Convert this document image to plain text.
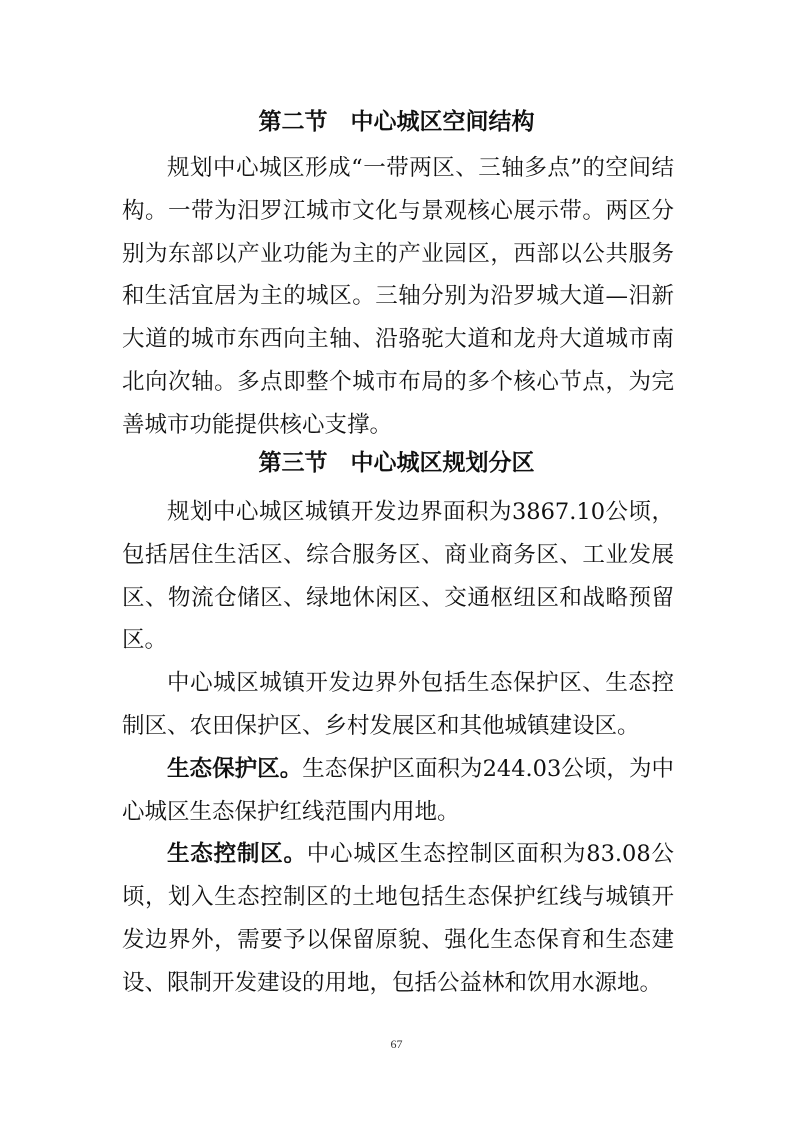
第二节　中心城区空间结构

规划中心城区形成“一带两区、三轴多点”的空间结构。一带为汨罗江城市文化与景观核心展示带。两区分别为东部以产业功能为主的产业园区，西部以公共服务和生活宜居为主的城区。三轴分别为沿罗城大道—汨新大道的城市东西向主轴、沿骆驼大道和龙舟大道城市南北向次轴。多点即整个城市布局的多个核心节点，为完善城市功能提供核心支撑。

第三节　中心城区规划分区

规划中心城区城镇开发边界面积为3867.10公顷，包括居住生活区、综合服务区、商业商务区、工业发展区、物流仓储区、绿地休闲区、交通枢纽区和战略预留区。

中心城区城镇开发边界外包括生态保护区、生态控制区、农田保护区、乡村发展区和其他城镇建设区。

生态保护区。生态保护区面积为244.03公顷，为中心城区生态保护红线范围内用地。

生态控制区。中心城区生态控制区面积为83.08公顷，划入生态控制区的土地包括生态保护红线与城镇开发边界外，需要予以保留原貌、强化生态保育和生态建设、限制开发建设的用地，包括公益林和饮用水源地。

67
